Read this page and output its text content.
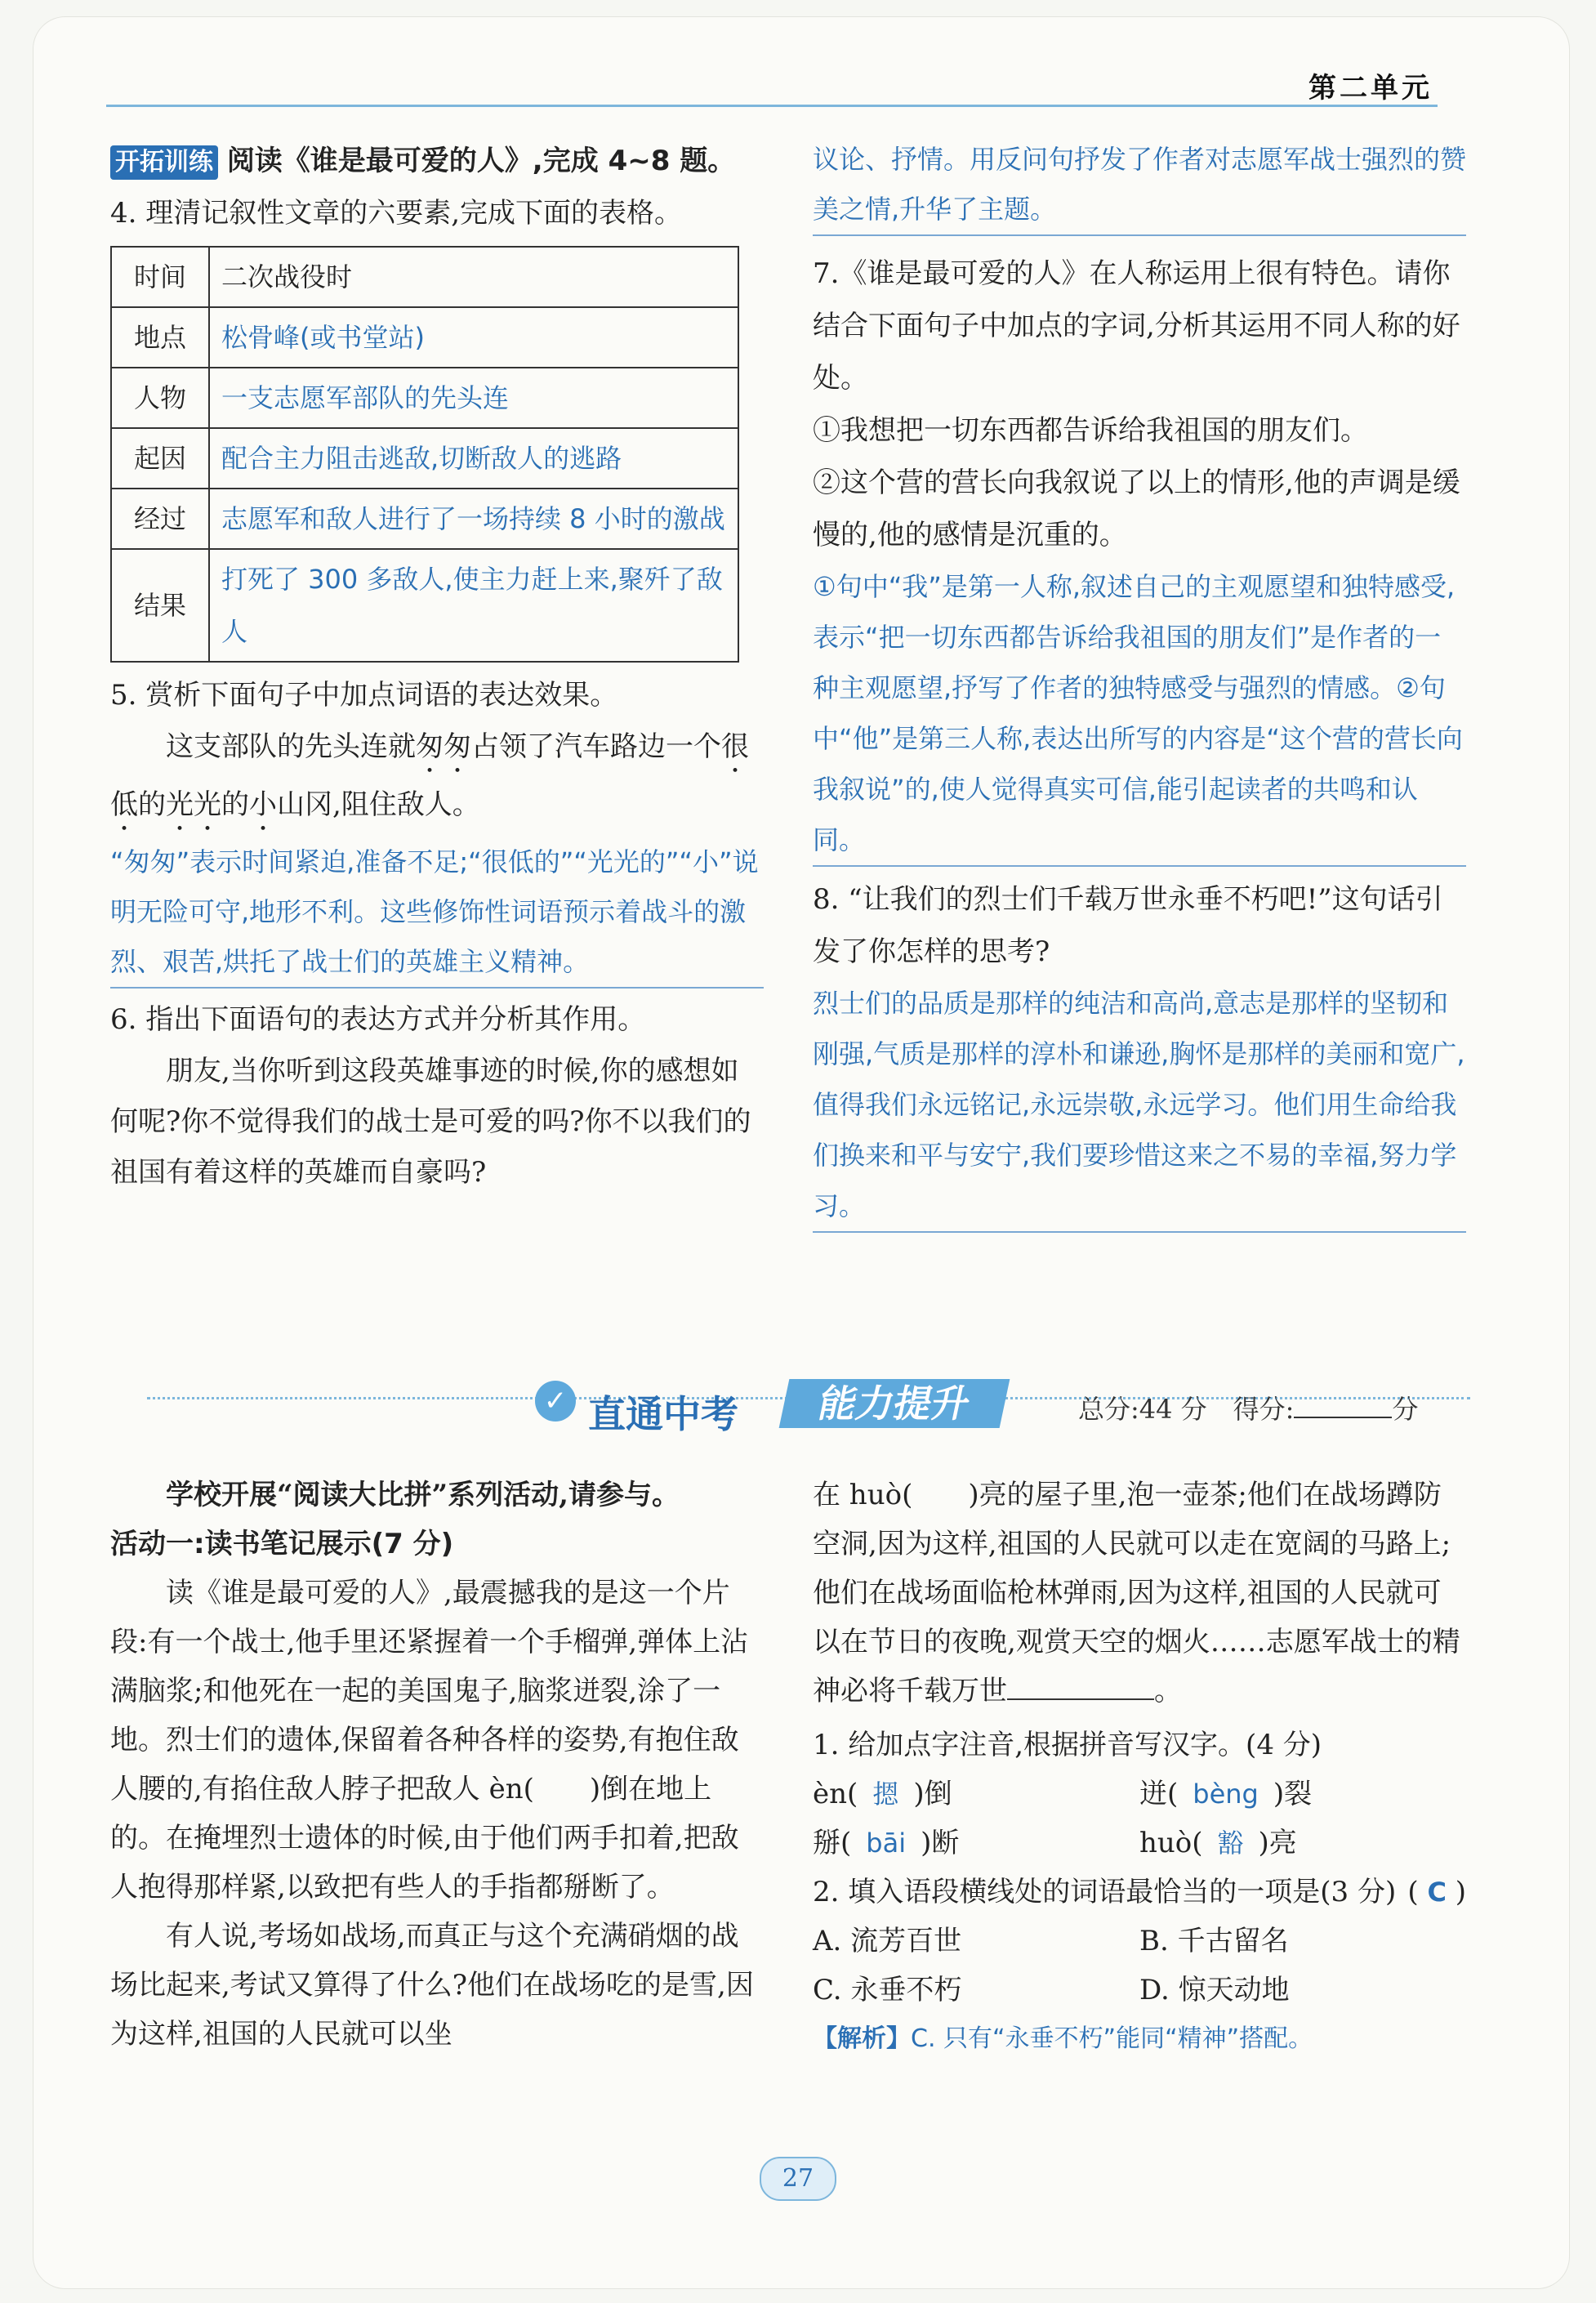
第二单元
开拓训练 阅读《谁是最可爱的人》,完成 4~8 题。
4. 理清记叙性文章的六要素,完成下面的表格。
时间	二次战役时
地点	松骨峰(或书堂站)
人物	一支志愿军部队的先头连
起因	配合主力阻击逃敌,切断敌人的逃路
经过	志愿军和敌人进行了一场持续 8 小时的激战
结果	打死了 300 多敌人,使主力赶上来,聚歼了敌人
5. 赏析下面句子中加点词语的表达效果。
这支部队的先头连就匆匆占领了汽车路边一个很低的光光的小山冈,阻住敌人。
“匆匆”表示时间紧迫,准备不足;“很低的”“光光的”“小”说明无险可守,地形不利。这些修饰性词语预示着战斗的激烈、艰苦,烘托了战士们的英雄主义精神。
6. 指出下面语句的表达方式并分析其作用。
朋友,当你听到这段英雄事迹的时候,你的感想如何呢?你不觉得我们的战士是可爱的吗?你不以我们的祖国有着这样的英雄而自豪吗?
议论、抒情。用反问句抒发了作者对志愿军战士强烈的赞美之情,升华了主题。
7.《谁是最可爱的人》在人称运用上很有特色。请你结合下面句子中加点的字词,分析其运用不同人称的好处。
①我想把一切东西都告诉给我祖国的朋友们。
②这个营的营长向我叙说了以上的情形,他的声调是缓慢的,他的感情是沉重的。
①句中“我”是第一人称,叙述自己的主观愿望和独特感受,表示“把一切东西都告诉给我祖国的朋友们”是作者的一种主观愿望,抒写了作者的独特感受与强烈的情感。②句中“他”是第三人称,表达出所写的内容是“这个营的营长向我叙说”的,使人觉得真实可信,能引起读者的共鸣和认同。
8. “让我们的烈士们千载万世永垂不朽吧!”这句话引发了你怎样的思考?
烈士们的品质是那样的纯洁和高尚,意志是那样的坚韧和刚强,气质是那样的淳朴和谦逊,胸怀是那样的美丽和宽广,值得我们永远铭记,永远崇敬,永远学习。他们用生命给我们换来和平与安宁,我们要珍惜这来之不易的幸福,努力学习。
✓ 直通中考	能力提升	总分:44 分　得分:	分
学校开展“阅读大比拼”系列活动,请参与。
活动一:读书笔记展示(7 分)
读《谁是最可爱的人》,最震撼我的是这一个片段:有一个战士,他手里还紧握着一个手榴弹,弹体上沾满脑浆;和他死在一起的美国鬼子,脑浆迸裂,涂了一地。烈士们的遗体,保留着各种各样的姿势,有抱住敌人腰的,有掐住敌人脖子把敌人 èn(　　)倒在地上的。在掩埋烈士遗体的时候,由于他们两手扣着,把敌人抱得那样紧,以致把有些人的手指都掰断了。
有人说,考场如战场,而真正与这个充满硝烟的战场比起来,考试又算得了什么?他们在战场吃的是雪,因为这样,祖国的人民就可以坐
在 huò(　　)亮的屋子里,泡一壶茶;他们在战场蹲防空洞,因为这样,祖国的人民就可以走在宽阔的马路上;他们在战场面临枪林弹雨,因为这样,祖国的人民就可以在节日的夜晚,观赏天空的烟火……志愿军战士的精神必将千载万世	。
1. 给加点字注音,根据拼音写汉字。(4 分)
èn( 摁 )倒	迸( bèng )裂
掰( bāi )断	huò( 豁 )亮
2. 填入语段横线处的词语最恰当的一项是(3 分) ( C )
A. 流芳百世	B. 千古留名
C. 永垂不朽	D. 惊天动地
【解析】C. 只有“永垂不朽”能同“精神”搭配。
27
